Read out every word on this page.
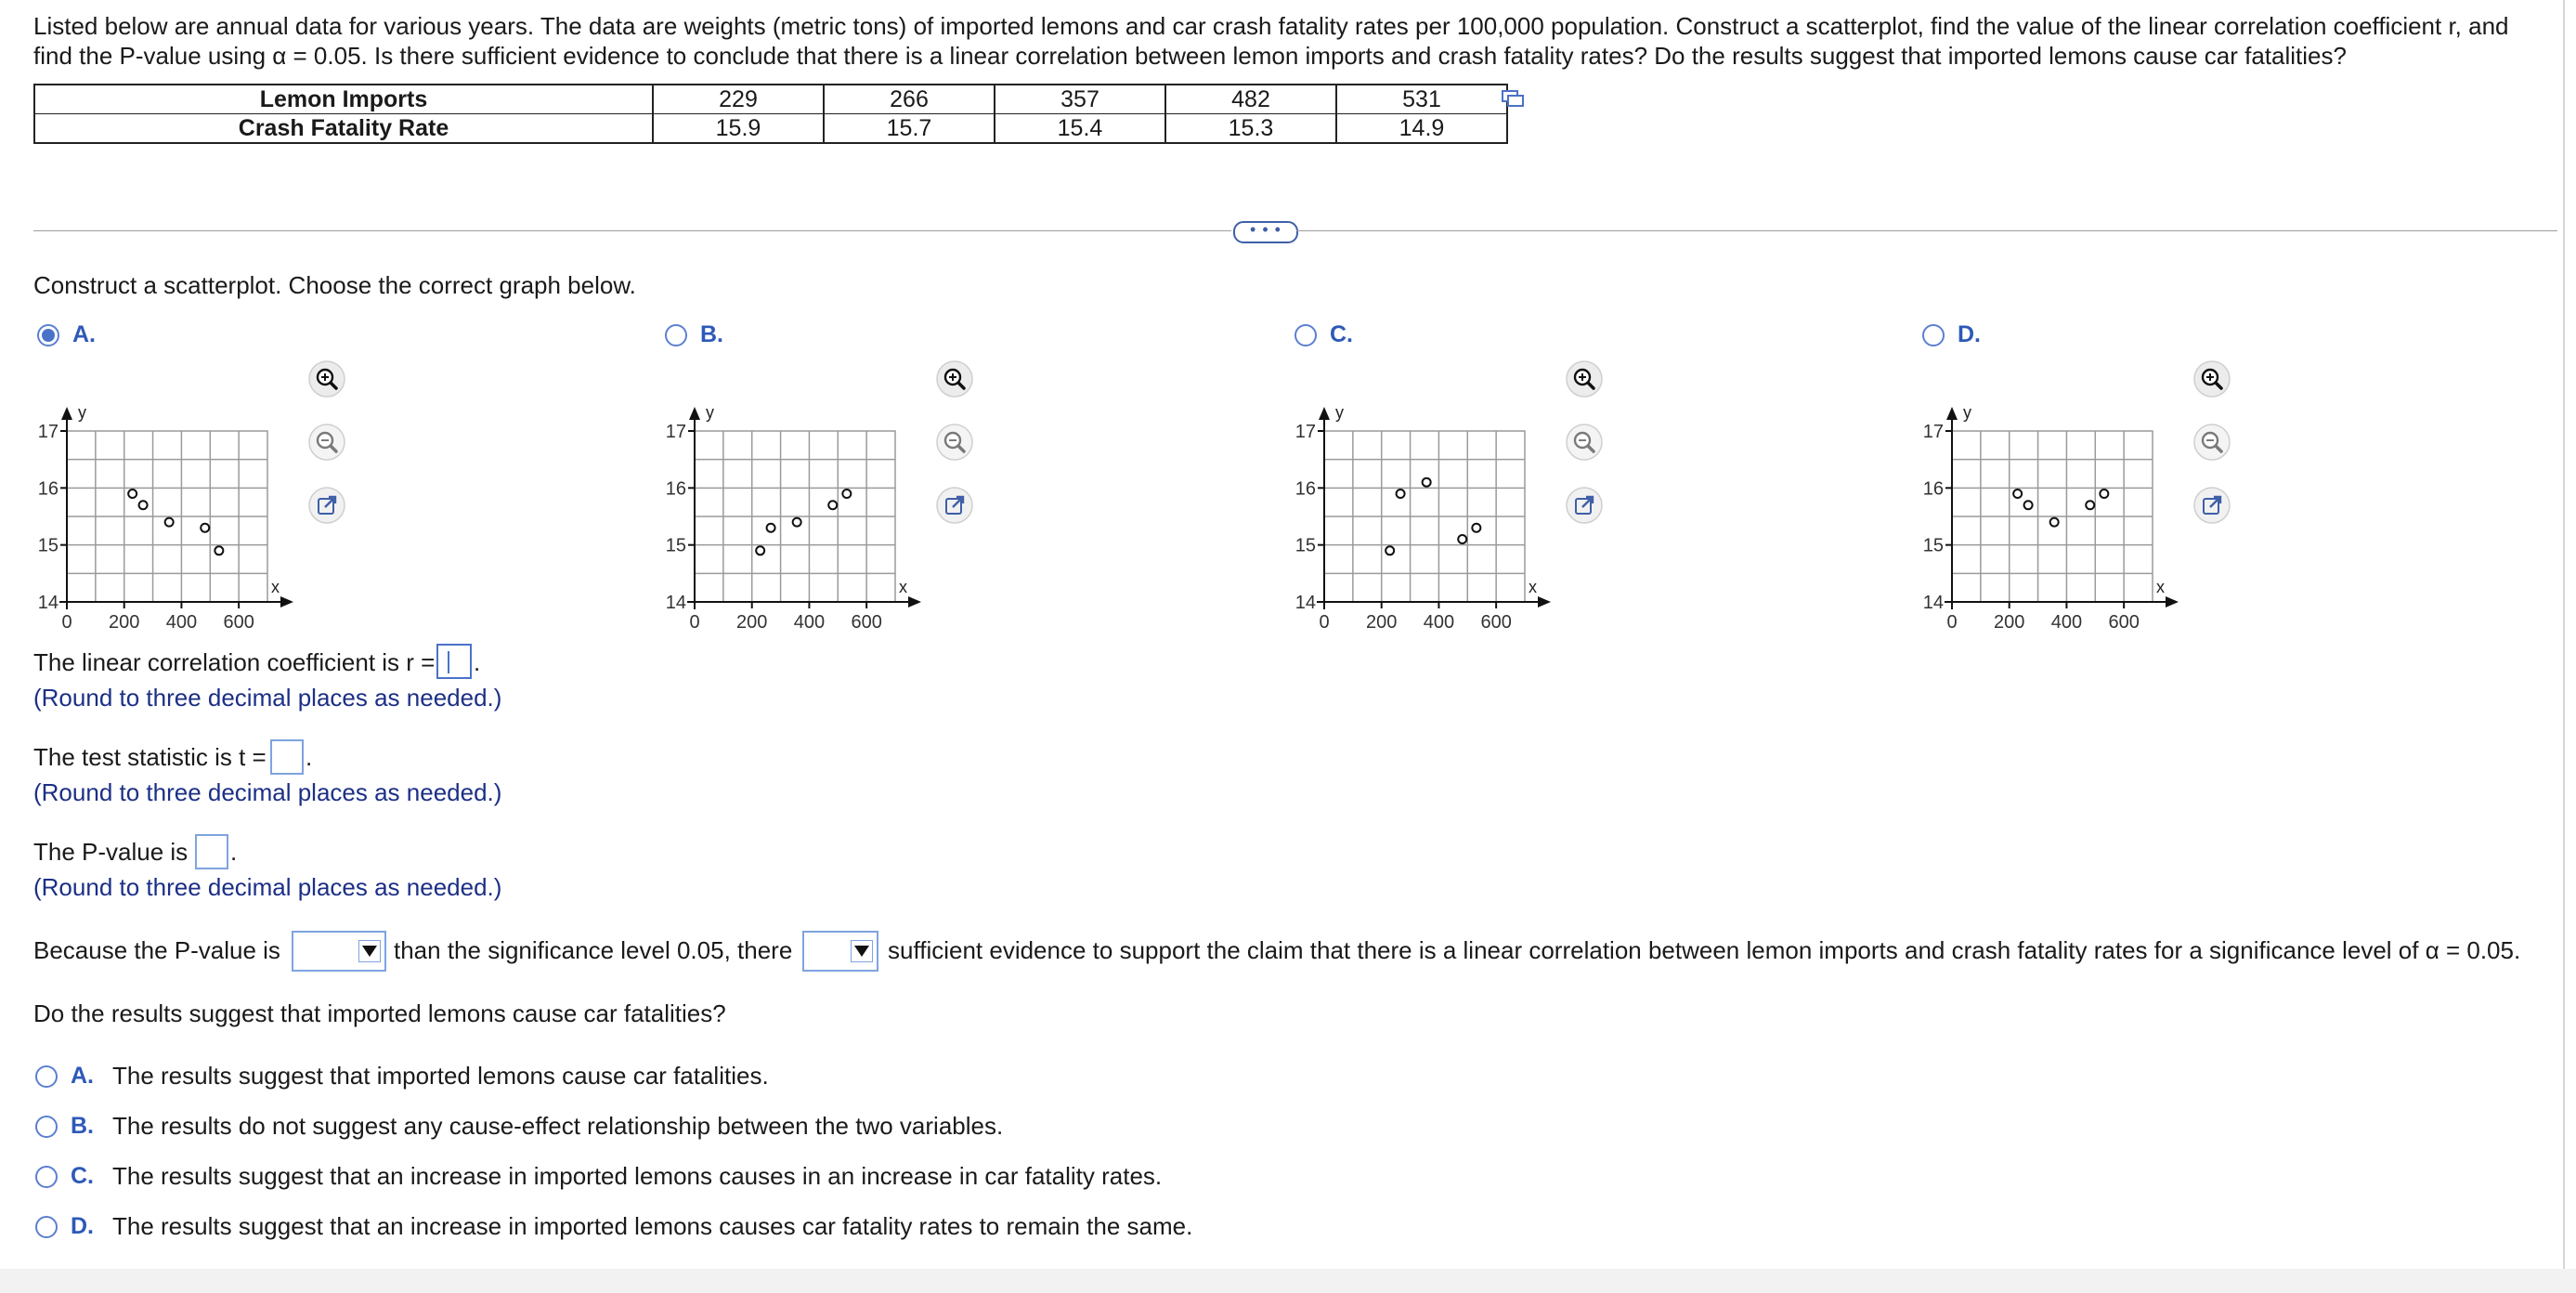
Listed below are annual data for various years. The data are weights (metric tons) of imported lemons and car crash fatality rates per 100,000 population. Construct a scatterplot, find the value of the linear correlation coefficient r, and find the P-value using α = 0.05. Is there sufficient evidence to conclude that there is a linear correlation between lemon imports and crash fatality rates? Do the results suggest that imported lemons cause car fatalities?
Lemon Imports	229	266	357	482	531
Crash Fatality Rate	15.9	15.7	15.4	15.3	14.9
• • •
Construct a scatterplot. Choose the correct graph below.
A.
y
x
14
15
16
17
0 200 400 600
B.
y
x
14
15
16
17
0 200 400 600
C.
y
x
14
15
16
17
0 200 400 600
D.
y
x
14
15
16
17
0 200 400 600
The linear correlation coefficient is r = .
(Round to three decimal places as needed.)
The test statistic is t = .
(Round to three decimal places as needed.)
The P-value is .
(Round to three decimal places as needed.)
Because the P-value is	than the significance level 0.05, there	sufficient evidence to support the claim that there is a linear correlation between lemon imports and crash fatality rates for a significance level of α = 0.05.
Do the results suggest that imported lemons cause car fatalities?
A. The results suggest that imported lemons cause car fatalities.
B. The results do not suggest any cause-effect relationship between the two variables.
C. The results suggest that an increase in imported lemons causes in an increase in car fatality rates.
D. The results suggest that an increase in imported lemons causes car fatality rates to remain the same.
